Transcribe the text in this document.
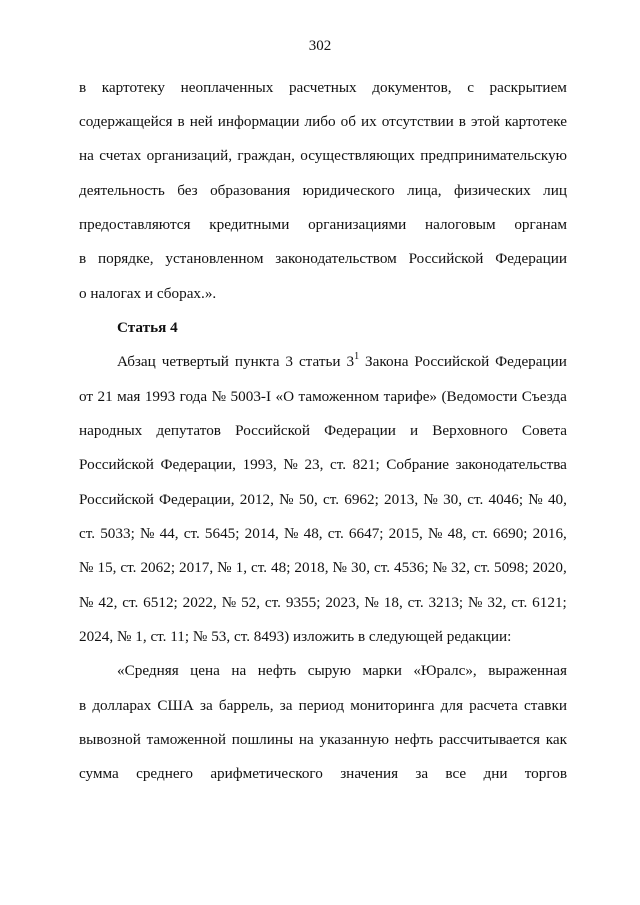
302
в картотеку неоплаченных расчетных документов, с раскрытием
содержащейся в ней информации либо об их отсутствии в этой картотеке
на счетах организаций, граждан, осуществляющих предпринимательскую
деятельность без образования юридического лица, физических лиц
предоставляются кредитными организациями налоговым органам
в порядке, установленном законодательством Российской Федерации
о налогах и сборах.».
Статья 4
Абзац четвертый пункта 3 статьи $3^1$ Закона Российской Федерации
от 21 мая 1993 года № 5003-I «О таможенном тарифе» (Ведомости Съезда
народных депутатов Российской Федерации и Верховного Совета
Российской Федерации, 1993, № 23, ст. 821; Собрание законодательства
Российской Федерации, 2012, № 50, ст. 6962; 2013, № 30, ст. 4046; № 40,
ст. 5033; № 44, ст. 5645; 2014, № 48, ст. 6647; 2015, № 48, ст. 6690; 2016,
№ 15, ст. 2062; 2017, № 1, ст. 48; 2018, № 30, ст. 4536; № 32, ст. 5098; 2020,
№ 42, ст. 6512; 2022, № 52, ст. 9355; 2023, № 18, ст. 3213; № 32, ст. 6121;
2024, № 1, ст. 11; № 53, ст. 8493) изложить в следующей редакции:
«Средняя цена на нефть сырую марки «Юралс», выраженная
в долларах США за баррель, за период мониторинга для расчета ставки
вывозной таможенной пошлины на указанную нефть рассчитывается как
сумма среднего арифметического значения за все дни торгов
